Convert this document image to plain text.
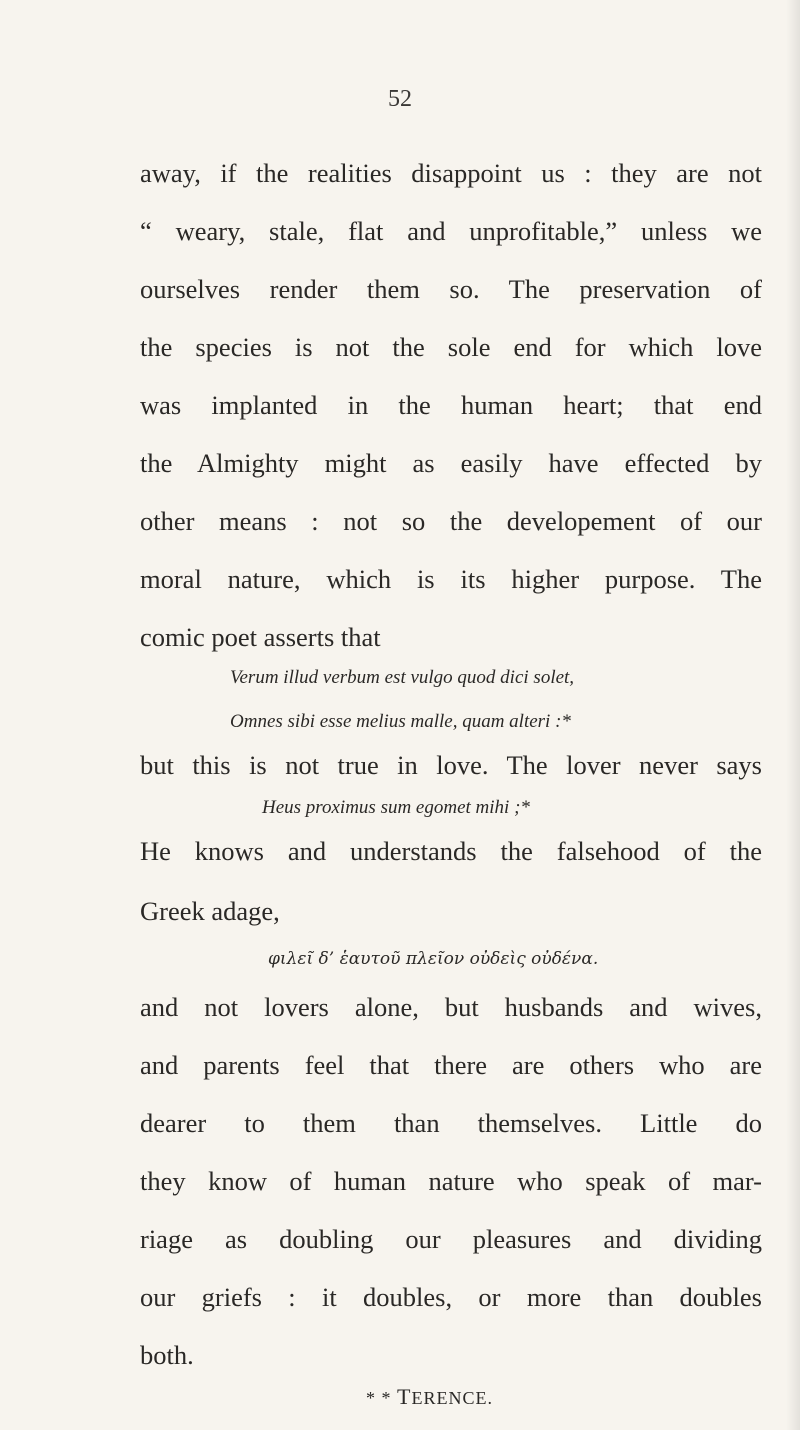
52
away, if the realities disappoint us : they are not
“ weary, stale, flat and unprofitable,” unless we
ourselves render them so. The preservation of
the species is not the sole end for which love
was implanted in the human heart; that end
the Almighty might as easily have effected by
other means : not so the developement of our
moral nature, which is its higher purpose. The
comic poet asserts that
Verum illud verbum est vulgo quod dici solet,
Omnes sibi esse melius malle, quam alteri :*
but this is not true in love. The lover never says
Heus proximus sum egomet mihi ;*
He knows and understands the falsehood of the
Greek adage,
φιλεῖ δ’ ἑαυτοῦ πλεῖον οὐδεὶς οὐδένα.
and not lovers alone, but husbands and wives,
and parents feel that there are others who are
dearer to them than themselves. Little do
they know of human nature who speak of mar-
riage as doubling our pleasures and dividing
our griefs : it doubles, or more than doubles
both.
* * TERENCE.
